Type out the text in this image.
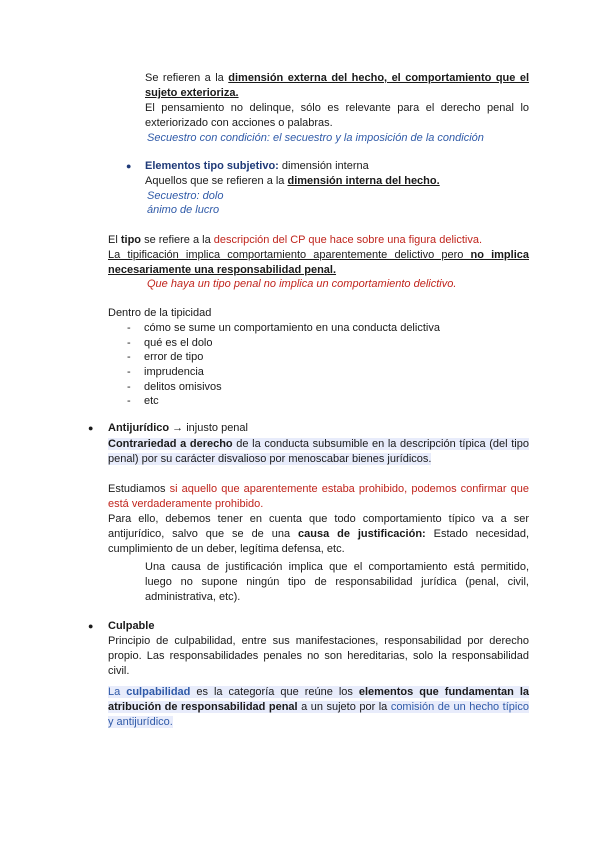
Se refieren a la dimensión externa del hecho, el comportamiento que el sujeto exterioriza.
El pensamiento no delinque, sólo es relevante para el derecho penal lo exteriorizado con acciones o palabras.
Secuestro con condición: el secuestro y la imposición de la condición
● Elementos tipo subjetivo: dimensión interna
Aquellos que se refieren a la dimensión interna del hecho.
Secuestro: dolo
ánimo de lucro
El tipo se refiere a la descripción del CP que hace sobre una figura delictiva.
La tipificación implica comportamiento aparentemente delictivo pero no implica necesariamente una responsabilidad penal.
Que haya un tipo penal no implica un comportamiento delictivo.
Dentro de la tipicidad
- cómo se sume un comportamiento en una conducta delictiva
- qué es el dolo
- error de tipo
- imprudencia
- delitos omisivos
- etc
● Antijurídico → injusto penal
Contrariedad a derecho de la conducta subsumible en la descripción típica (del tipo penal) por su carácter disvalioso por menoscabar bienes jurídicos.
Estudiamos si aquello que aparentemente estaba prohibido, podemos confirmar que está verdaderamente prohibido.
Para ello, debemos tener en cuenta que todo comportamiento típico va a ser antijurídico, salvo que se de una causa de justificación: Estado necesidad, cumplimiento de un deber, legítima defensa, etc.
Una causa de justificación implica que el comportamiento está permitido, luego no supone ningún tipo de responsabilidad jurídica (penal, civil, administrativa, etc).
● Culpable
Principio de culpabilidad, entre sus manifestaciones, responsabilidad por derecho propio. Las responsabilidades penales no son hereditarias, solo la responsabilidad civil.
La culpabilidad es la categoría que reúne los elementos que fundamentan la atribución de responsabilidad penal a un sujeto por la comisión de un hecho típico y antijurídico.
